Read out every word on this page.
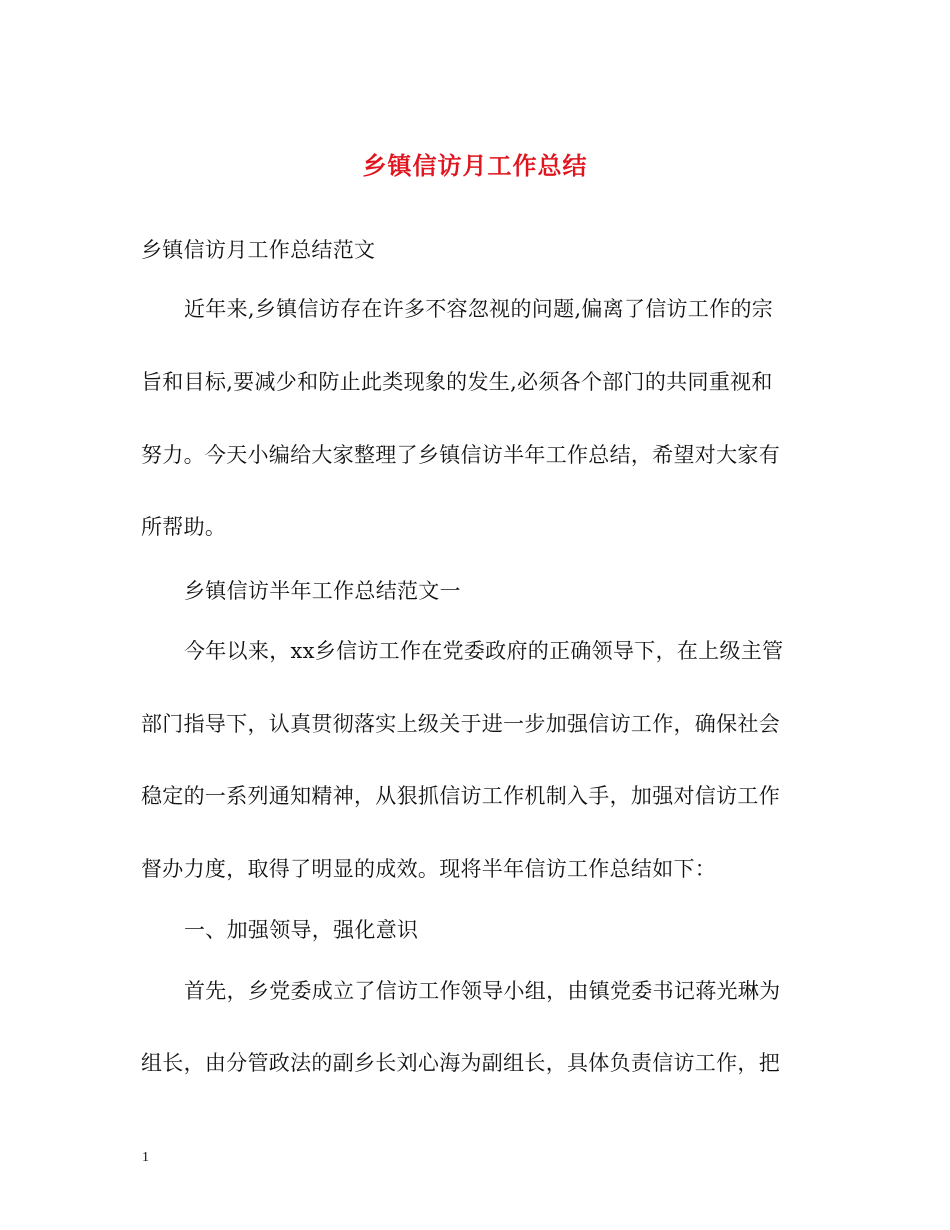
乡镇信访月工作总结
乡镇信访月工作总结范文
近年来,乡镇信访存在许多不容忽视的问题,偏离了信访工作的宗
旨和目标,要减少和防止此类现象的发生,必须各个部门的共同重视和
努力。今天小编给大家整理了乡镇信访半年工作总结，希望对大家有
所帮助。
乡镇信访半年工作总结范文一
今年以来，xx乡信访工作在党委政府的正确领导下，在上级主管
部门指导下，认真贯彻落实上级关于进一步加强信访工作，确保社会
稳定的一系列通知精神，从狠抓信访工作机制入手，加强对信访工作
督办力度，取得了明显的成效。现将半年信访工作总结如下：
一、加强领导，强化意识
首先，乡党委成立了信访工作领导小组，由镇党委书记蒋光琳为
组长，由分管政法的副乡长刘心海为副组长，具体负责信访工作，把
1
